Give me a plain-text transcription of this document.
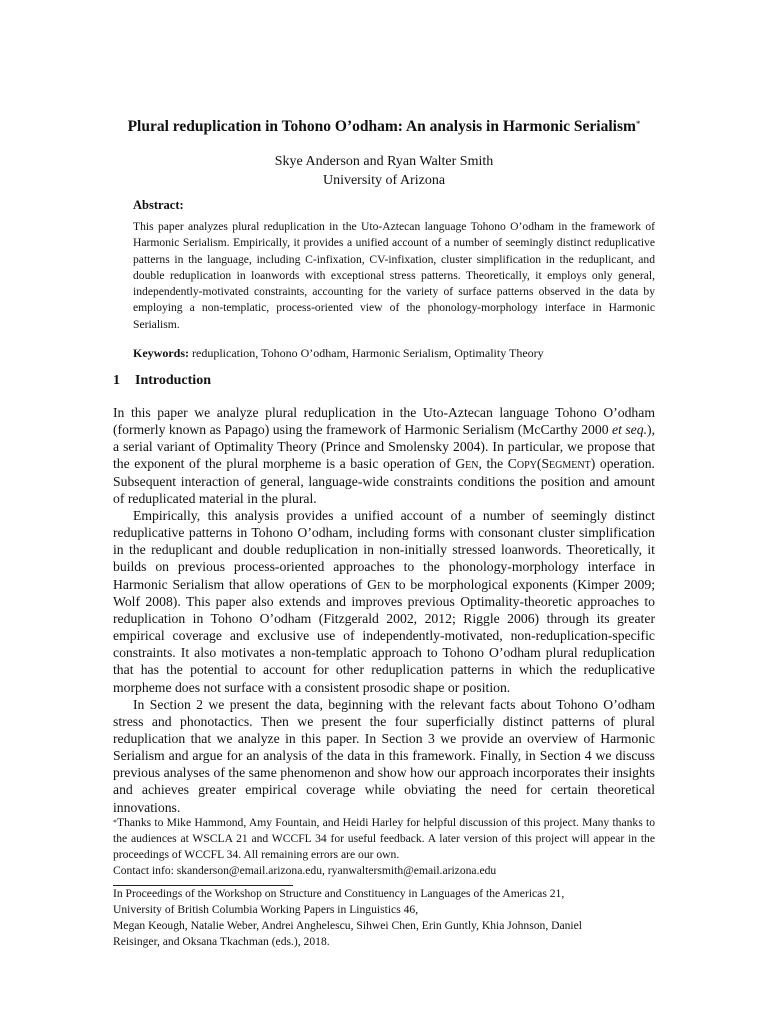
Plural reduplication in Tohono O’odham: An analysis in Harmonic Serialism*
Skye Anderson and Ryan Walter Smith
University of Arizona

Abstract:

This paper analyzes plural reduplication in the Uto-Aztecan language Tohono O’odham in the framework of Harmonic Serialism. Empirically, it provides a unified account of a number of seemingly distinct reduplicative patterns in the language, including C-infixation, CV-infixation, cluster simplification in the reduplicant, and double reduplication in loanwords with exceptional stress patterns. Theoretically, it employs only general, independently-motivated constraints, accounting for the variety of surface patterns observed in the data by employing a non-templatic, process-oriented view of the phonology-morphology interface in Harmonic Serialism.

Keywords: reduplication, Tohono O’odham, Harmonic Serialism, Optimality Theory
1 Introduction

In this paper we analyze plural reduplication in the Uto-Aztecan language Tohono O’odham (formerly known as Papago) using the framework of Harmonic Serialism (McCarthy 2000 et seq.), a serial variant of Optimality Theory (Prince and Smolensky 2004). In particular, we propose that the exponent of the plural morpheme is a basic operation of Gen, the Copy(Segment) operation. Subsequent interaction of general, language-wide constraints conditions the position and amount of reduplicated material in the plural.

Empirically, this analysis provides a unified account of a number of seemingly distinct reduplicative patterns in Tohono O’odham, including forms with consonant cluster simplification in the reduplicant and double reduplication in non-initially stressed loanwords. Theoretically, it builds on previous process-oriented approaches to the phonology-morphology interface in Harmonic Serialism that allow operations of Gen to be morphological exponents (Kimper 2009; Wolf 2008). This paper also extends and improves previous Optimality-theoretic approaches to reduplication in Tohono O’odham (Fitzgerald 2002, 2012; Riggle 2006) through its greater empirical coverage and exclusive use of independently-motivated, non-reduplication-specific constraints. It also motivates a non-templatic approach to Tohono O’odham plural reduplication that has the potential to account for other reduplication patterns in which the reduplicative morpheme does not surface with a consistent prosodic shape or position.

In Section 2 we present the data, beginning with the relevant facts about Tohono O’odham stress and phonotactics. Then we present the four superficially distinct patterns of plural reduplication that we analyze in this paper. In Section 3 we provide an overview of Harmonic Serialism and argue for an analysis of the data in this framework. Finally, in Section 4 we discuss previous analyses of the same phenomenon and show how our approach incorporates their insights and achieves greater empirical coverage while obviating the need for certain theoretical innovations.

*Thanks to Mike Hammond, Amy Fountain, and Heidi Harley for helpful discussion of this project. Many thanks to the audiences at WSCLA 21 and WCCFL 34 for useful feedback. A later version of this project will appear in the proceedings of WCCFL 34. All remaining errors are our own.

Contact info: skanderson@email.arizona.edu, ryanwaltersmith@email.arizona.edu

In Proceedings of the Workshop on Structure and Constituency in Languages of the Americas 21,
University of British Columbia Working Papers in Linguistics 46,
Megan Keough, Natalie Weber, Andrei Anghelescu, Sihwei Chen, Erin Guntly, Khia Johnson, Daniel
Reisinger, and Oksana Tkachman (eds.), 2018.
